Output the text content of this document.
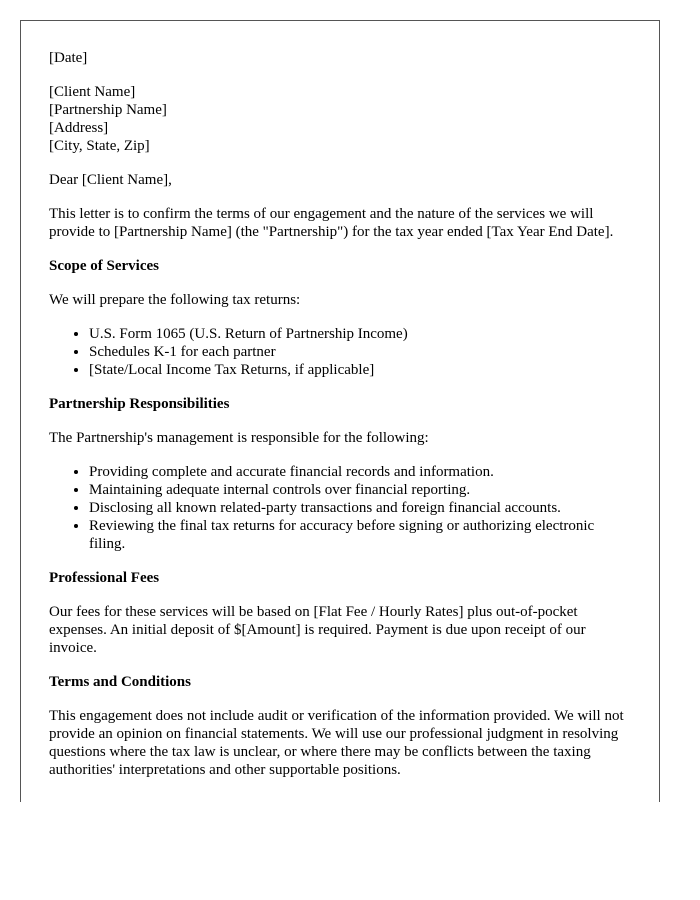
[Date]

[Client Name]
[Partnership Name]
[Address]
[City, State, Zip]

Dear [Client Name],

This letter is to confirm the terms of our engagement and the nature of the services we will provide to [Partnership Name] (the "Partnership") for the tax year ended [Tax Year End Date].

Scope of Services

We will prepare the following tax returns:

• U.S. Form 1065 (U.S. Return of Partnership Income)
• Schedules K-1 for each partner
• [State/Local Income Tax Returns, if applicable]
Partnership Responsibilities

The Partnership's management is responsible for the following:

• Providing complete and accurate financial records and information.
• Maintaining adequate internal controls over financial reporting.
• Disclosing all known related-party transactions and foreign financial accounts.
• Reviewing the final tax returns for accuracy before signing or authorizing electronic filing.
Professional Fees

Our fees for these services will be based on [Flat Fee / Hourly Rates] plus out-of-pocket expenses. An initial deposit of $[Amount] is required. Payment is due upon receipt of our invoice.

Terms and Conditions

This engagement does not include audit or verification of the information provided. We will not provide an opinion on financial statements. We will use our professional judgment in resolving questions where the tax law is unclear, or where there may be conflicts between the taxing authorities' interpretations and other supportable positions.
